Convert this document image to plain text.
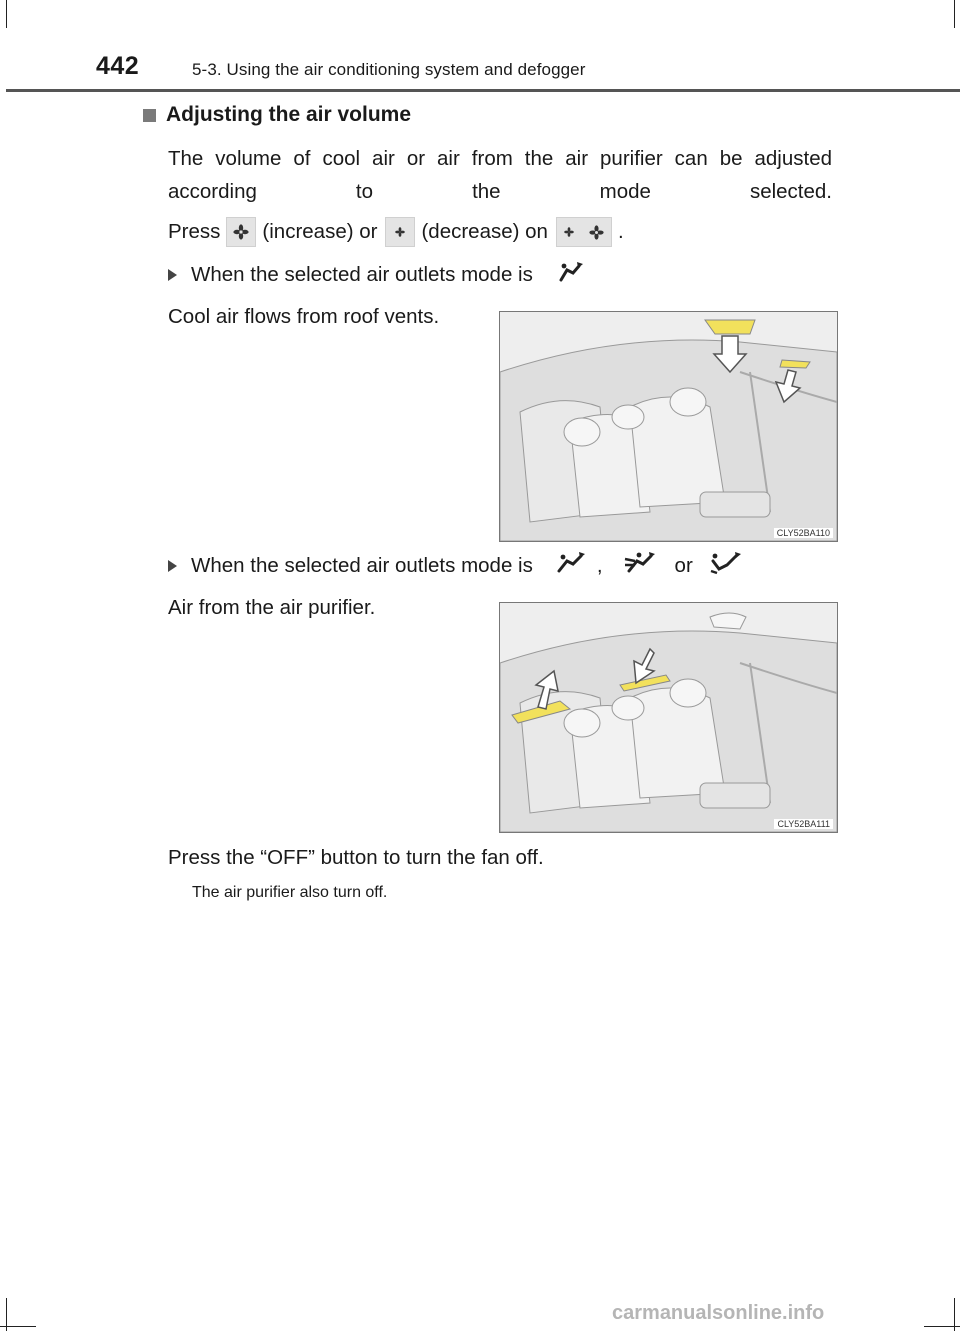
442	5-3. Using the air conditioning system and defogger
Adjusting the air volume
The volume of cool air or air from the air purifier can be adjusted according to the mode selected.
Press (increase) or (decrease) on	.
When the selected air outlets mode is
Cool air flows from roof vents.
CLY52BA110
When the selected air outlets mode is	,	or
Air from the air purifier.
CLY52BA111
Press the “OFF” button to turn the fan off.
The air purifier also turn off.
carmanualsonline.info
